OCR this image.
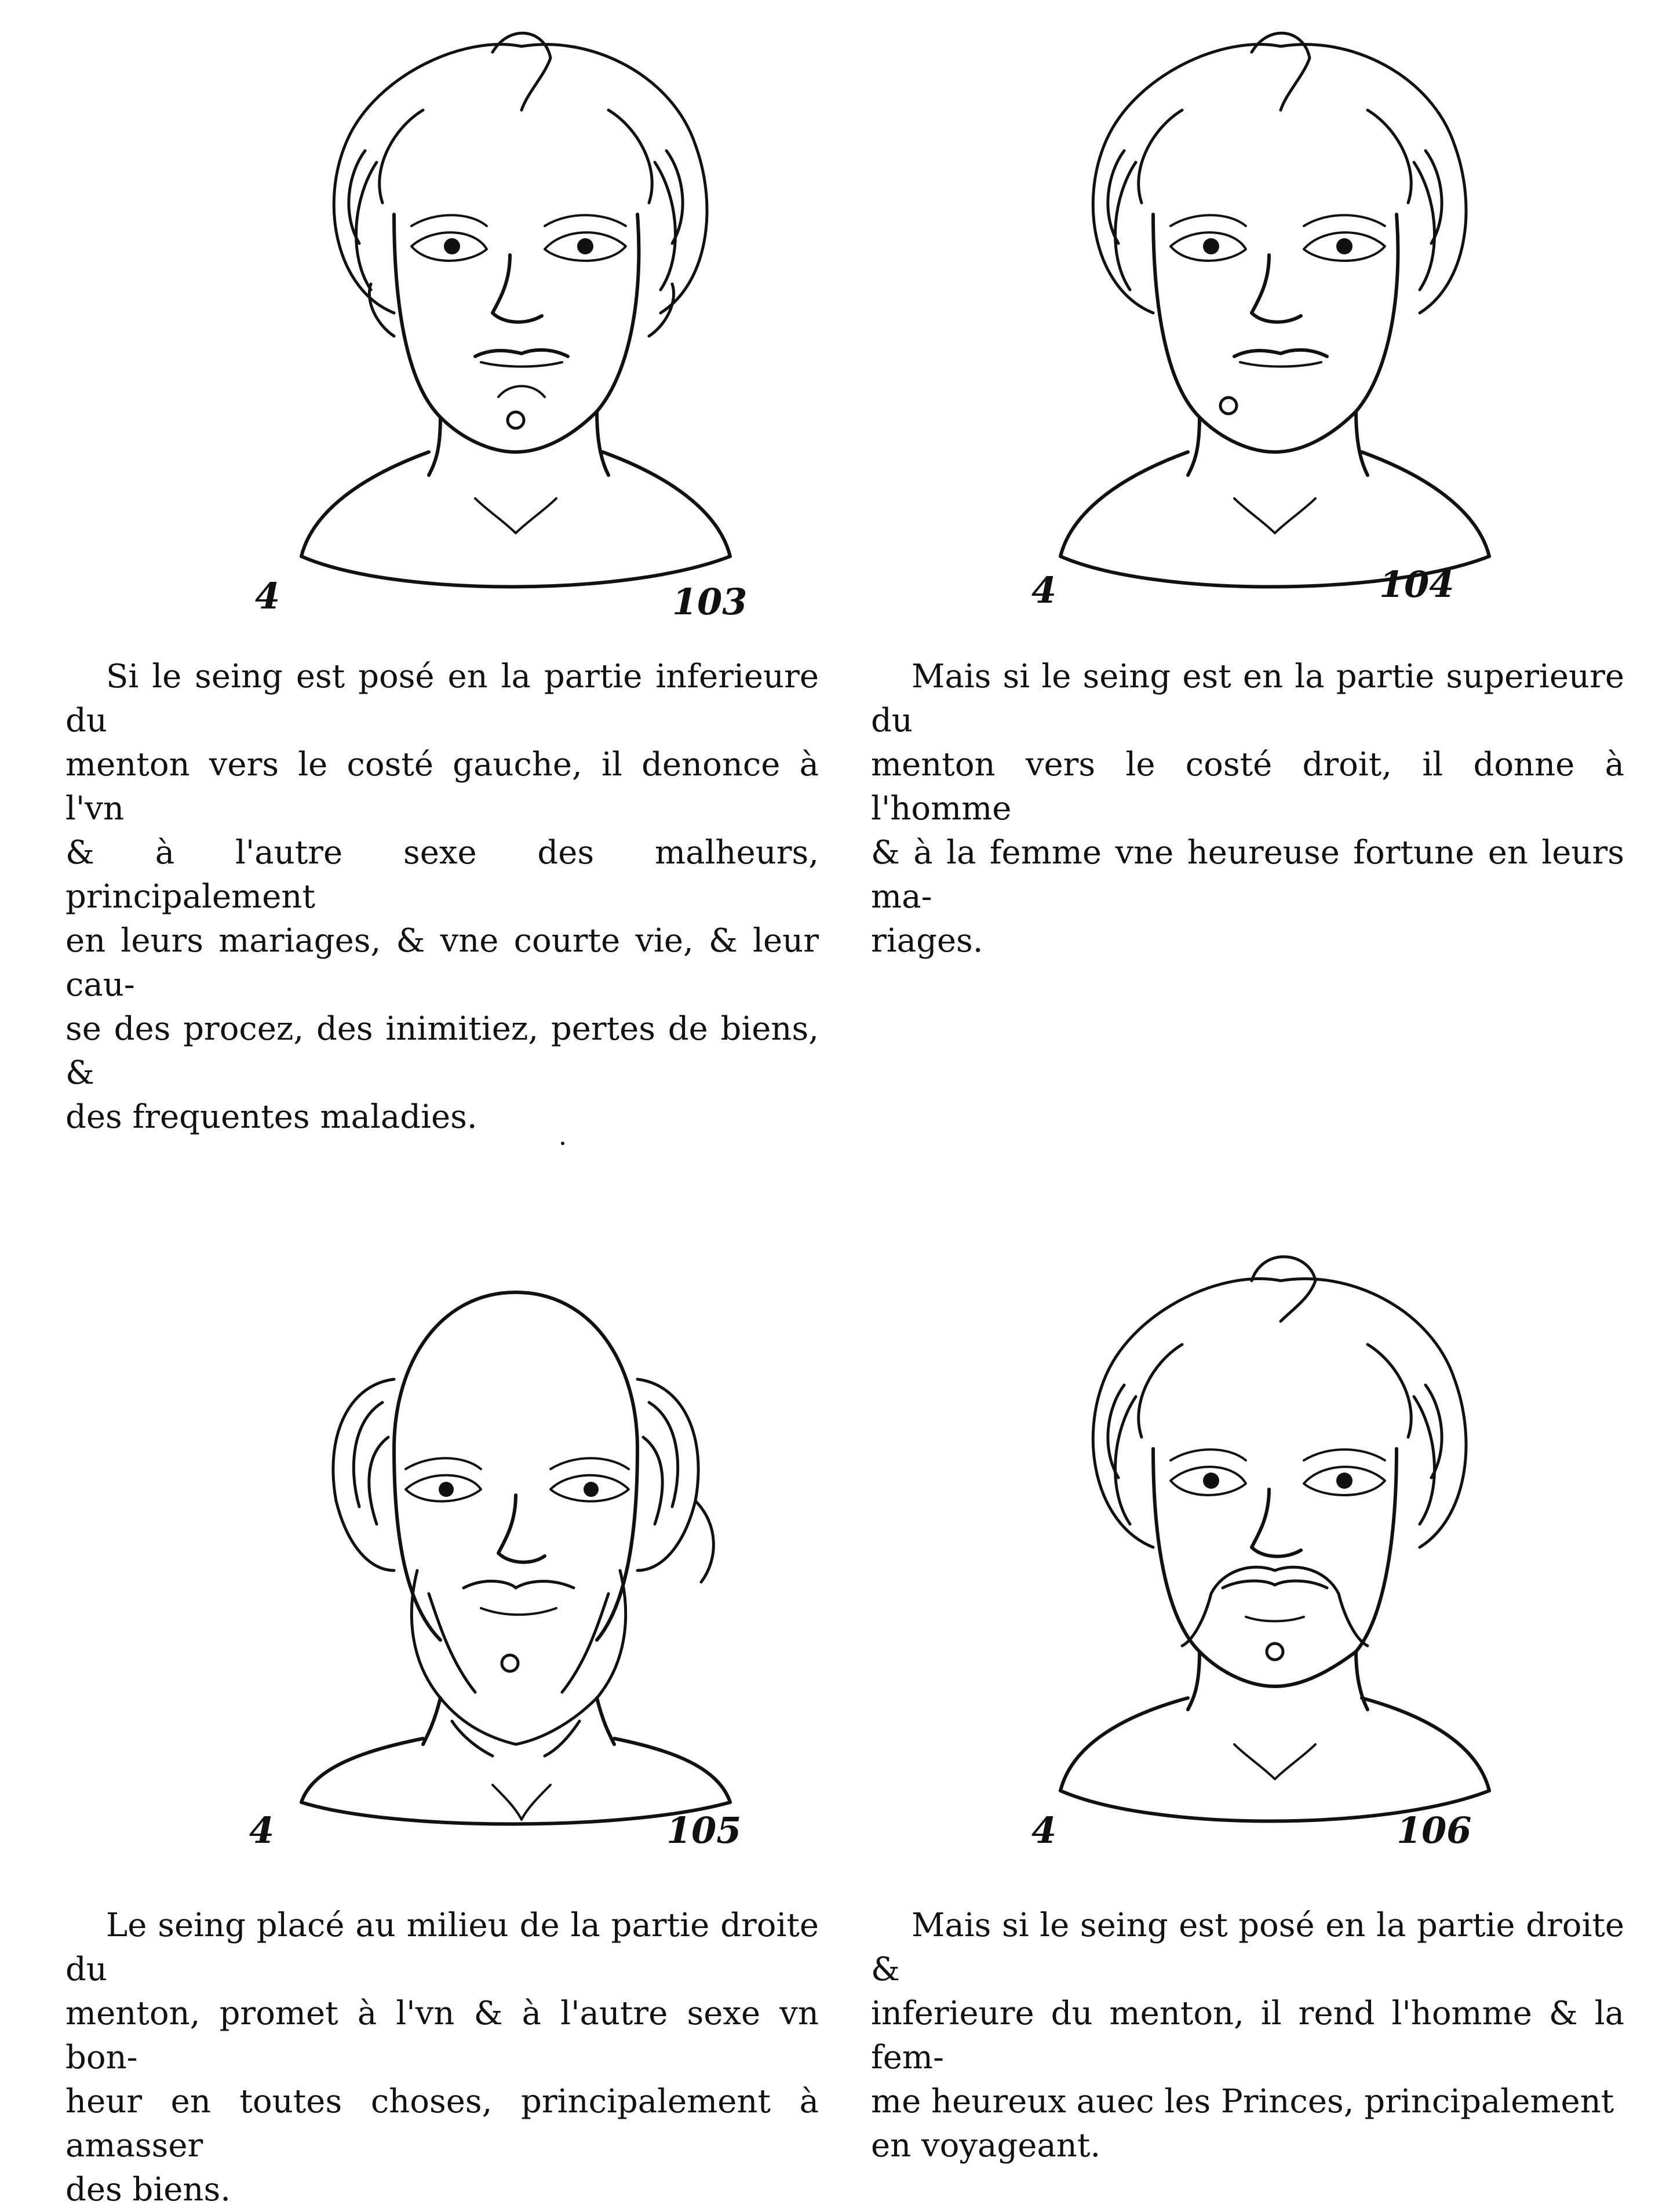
4	103

Si le seing est posé en la partie inferieure du
menton vers le costé gauche, il denonce à l'vn
& à l'autre sexe des malheurs, principalement
en leurs mariages, & vne courte vie, & leur cau-
se des procez, des inimitiez, pertes de biens, &
des frequentes maladies.

4	104

Mais si le seing est en la partie superieure du
menton vers le costé droit, il donne à l'homme
& à la femme vne heureuse fortune en leurs ma-
riages.

4	105

Le seing placé au milieu de la partie droite du
menton, promet à l'vn & à l'autre sexe vn bon-
heur en toutes choses, principalement à amasser
des biens.

4	106

Mais si le seing est posé en la partie droite &
inferieure du menton, il rend l'homme & la fem-
me heureux auec les Princes, principalement
en voyageant.
